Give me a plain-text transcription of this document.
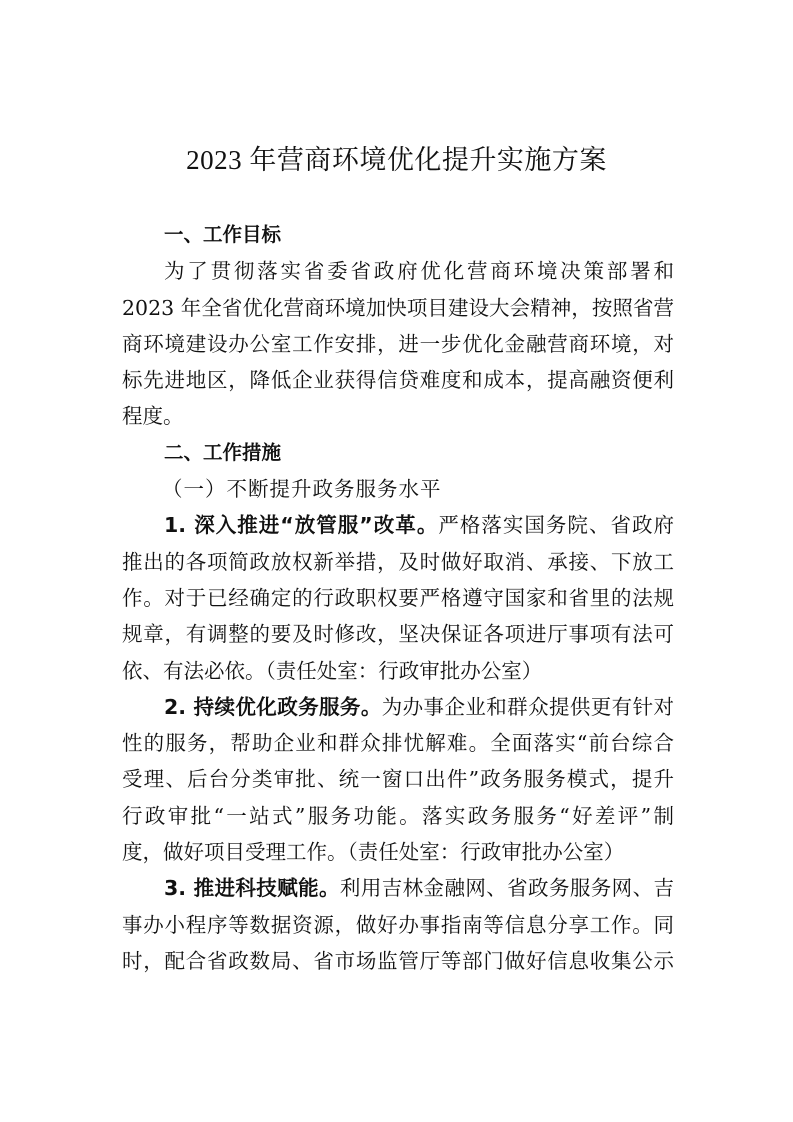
2023 年营商环境优化提升实施方案
一、工作目标
为了贯彻落实省委省政府优化营商环境决策部署和
2023 年全省优化营商环境加快项目建设大会精神，按照省营
商环境建设办公室工作安排，进一步优化金融营商环境，对
标先进地区，降低企业获得信贷难度和成本，提高融资便利
程度。
二、工作措施
（一）不断提升政务服务水平
1. 深入推进“放管服”改革。严格落实国务院、省政府
推出的各项简政放权新举措，及时做好取消、承接、下放工
作。对于已经确定的行政职权要严格遵守国家和省里的法规
规章，有调整的要及时修改，坚决保证各项进厅事项有法可
依、有法必依。（责任处室：行政审批办公室）
2. 持续优化政务服务。为办事企业和群众提供更有针对
性的服务，帮助企业和群众排忧解难。全面落实“前台综合
受理、后台分类审批、统一窗口出件”政务服务模式，提升
行政审批“一站式”服务功能。落实政务服务“好差评”制
度，做好项目受理工作。（责任处室：行政审批办公室）
3. 推进科技赋能。利用吉林金融网、省政务服务网、吉
事办小程序等数据资源，做好办事指南等信息分享工作。同
时，配合省政数局、省市场监管厅等部门做好信息收集公示
